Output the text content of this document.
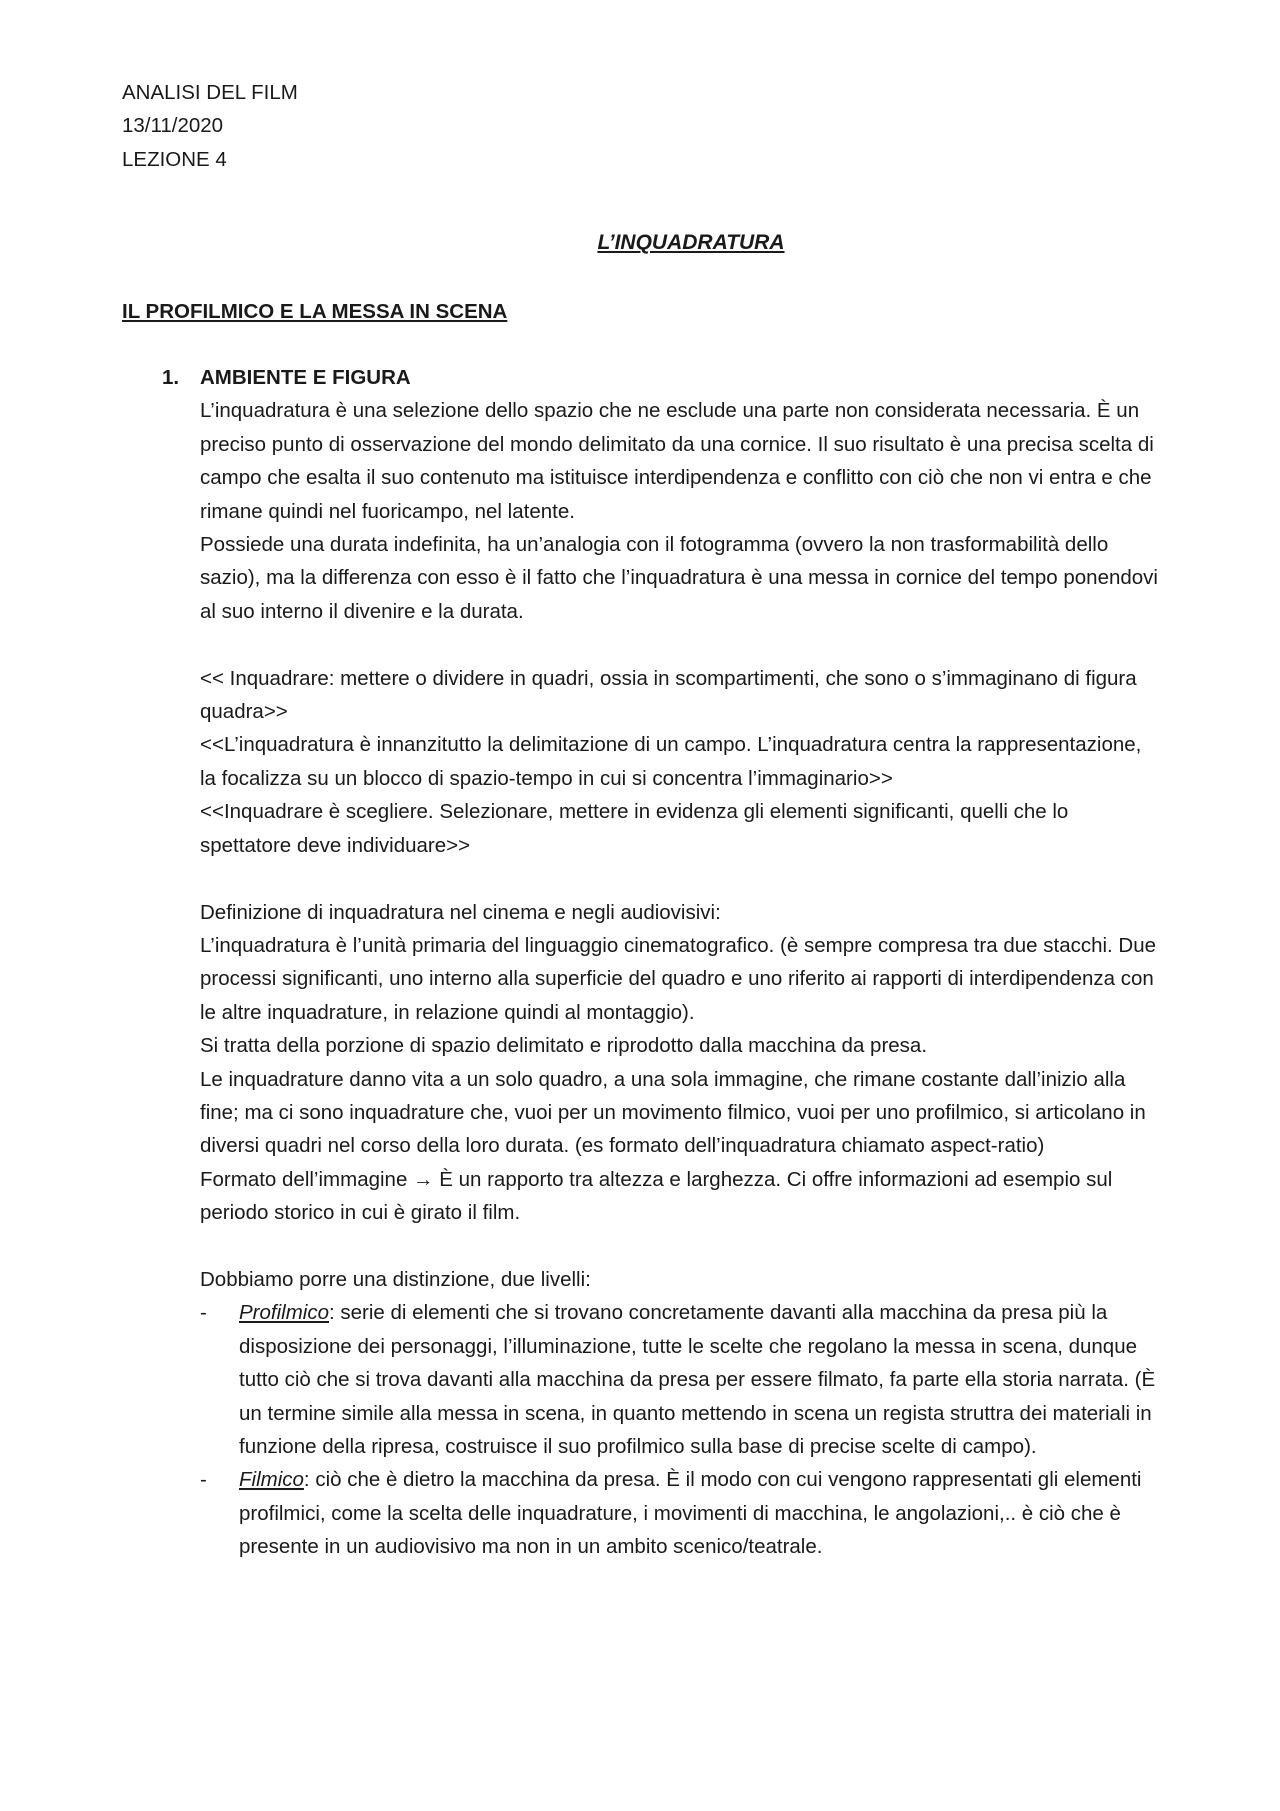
ANALISI DEL FILM
13/11/2020
LEZIONE 4
L’INQUADRATURA
IL PROFILMICO E LA MESSA IN SCENA
1. AMBIENTE E FIGURA
L’inquadratura è una selezione dello spazio che ne esclude una parte non considerata necessaria. È un preciso punto di osservazione del mondo delimitato da una cornice. Il suo risultato è una precisa scelta di campo che esalta il suo contenuto ma istituisce interdipendenza e conflitto con ciò che non vi entra e che rimane quindi nel fuoricampo, nel latente.
Possiede una durata indefinita, ha un’analogia con il fotogramma (ovvero la non trasformabilità dello sazio), ma la differenza con esso è il fatto che l’inquadratura è una messa in cornice del tempo ponendovi al suo interno il divenire e la durata.
<< Inquadrare: mettere o dividere in quadri, ossia in scompartimenti, che sono o s’immaginano di figura quadra>>
<<L’inquadratura è innanzitutto la delimitazione di un campo. L’inquadratura centra la rappresentazione, la focalizza su un blocco di spazio-tempo in cui si concentra l’immaginario>>
<<Inquadrare è scegliere. Selezionare, mettere in evidenza gli elementi significanti, quelli che lo spettatore deve individuare>>
Definizione di inquadratura nel cinema e negli audiovisivi:
L’inquadratura è l’unità primaria del linguaggio cinematografico. (è sempre compresa tra due stacchi. Due processi significanti, uno interno alla superficie del quadro e uno riferito ai rapporti di interdipendenza con le altre inquadrature, in relazione quindi al montaggio).
Si tratta della porzione di spazio delimitato e riprodotto dalla macchina da presa.
Le inquadrature danno vita a un solo quadro, a una sola immagine, che rimane costante dall’inizio alla fine; ma ci sono inquadrature che, vuoi per un movimento filmico, vuoi per uno profilmico, si articolano in diversi quadri nel corso della loro durata. (es formato dell’inquadratura chiamato aspect-ratio)
Formato dell’immagine → È un rapporto tra altezza e larghezza. Ci offre informazioni ad esempio sul periodo storico in cui è girato il film.
Dobbiamo porre una distinzione, due livelli:
- Profilmico: serie di elementi che si trovano concretamente davanti alla macchina da presa più la disposizione dei personaggi, l’illuminazione, tutte le scelte che regolano la messa in scena, dunque tutto ciò che si trova davanti alla macchina da presa per essere filmato, fa parte ella storia narrata. (È un termine simile alla messa in scena, in quanto mettendo in scena un regista struttra dei materiali in funzione della ripresa, costruisce il suo profilmico sulla base di precise scelte di campo).
- Filmico: ciò che è dietro la macchina da presa. È il modo con cui vengono rappresentati gli elementi profilmici, come la scelta delle inquadrature, i movimenti di macchina, le angolazioni,.. è ciò che è presente in un audiovisivo ma non in un ambito scenico/teatrale.
